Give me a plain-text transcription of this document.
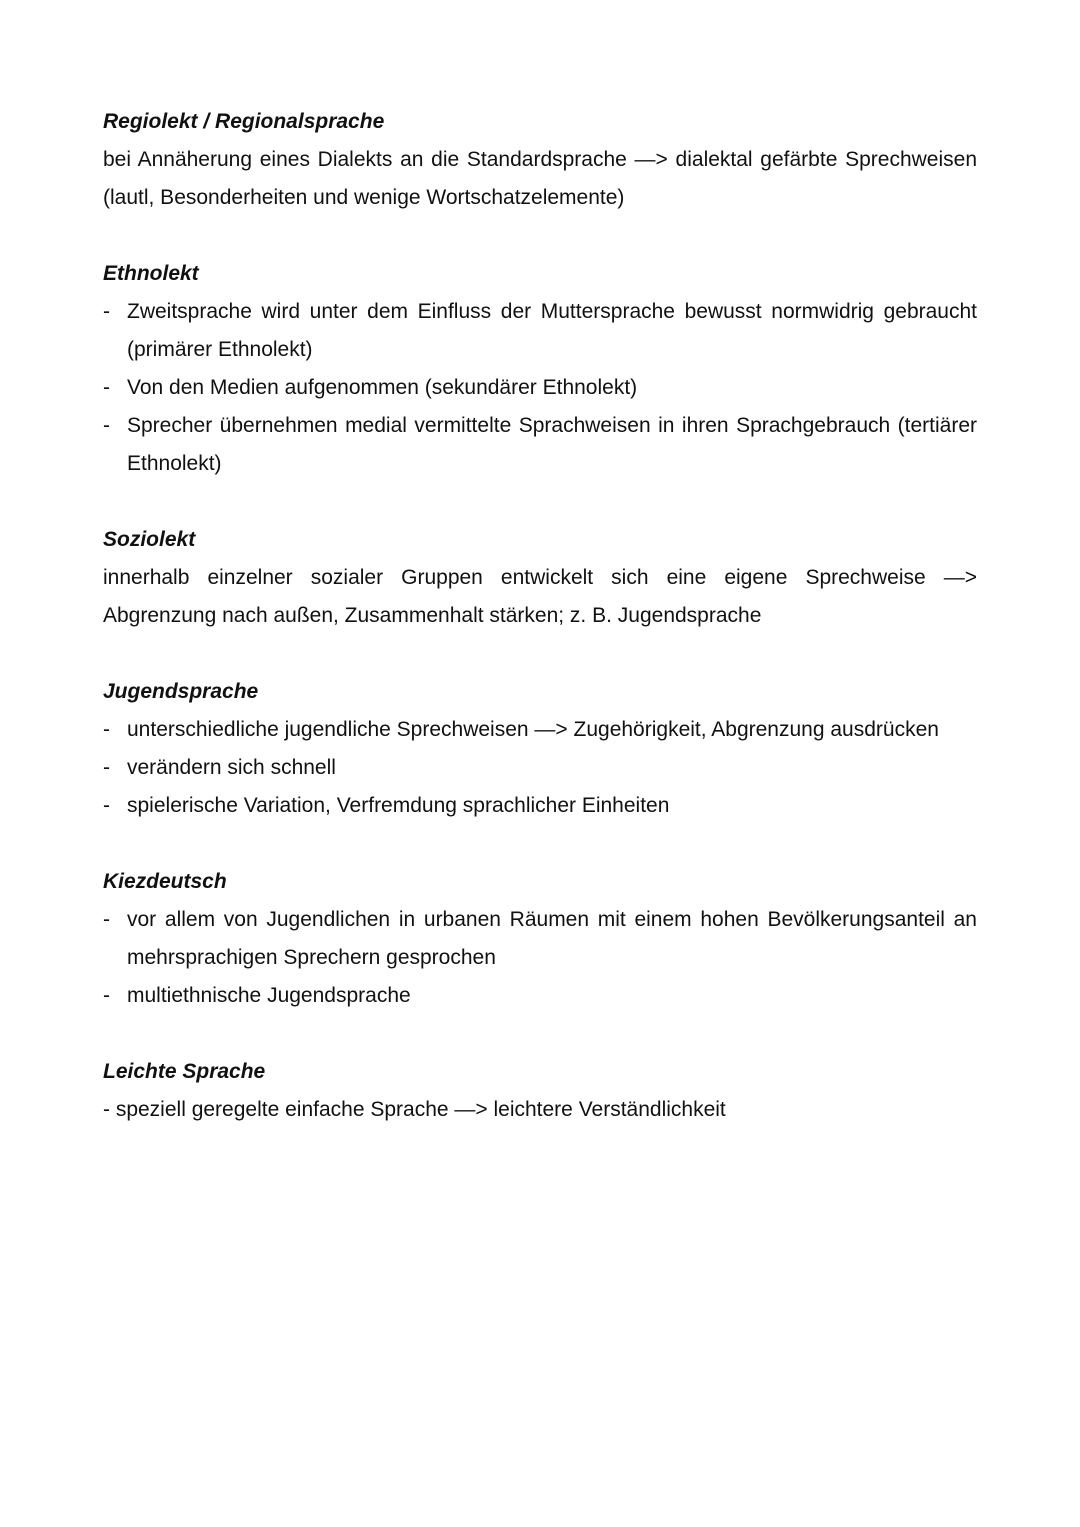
Regiolekt / Regionalsprache

bei Annäherung eines Dialekts an die Standardsprache —> dialektal gefärbte Sprechweisen (lautl, Besonderheiten und wenige Wortschatzelemente)

Ethnolekt

- Zweitsprache wird unter dem Einfluss der Muttersprache bewusst normwidrig gebraucht (primärer Ethnolekt)
- Von den Medien aufgenommen (sekundärer Ethnolekt)
- Sprecher übernehmen medial vermittelte Sprachweisen in ihren Sprachgebrauch (tertiärer Ethnolekt)

Soziolekt

innerhalb einzelner sozialer Gruppen entwickelt sich eine eigene Sprechweise —> Abgrenzung nach außen, Zusammenhalt stärken; z. B. Jugendsprache

Jugendsprache

- unterschiedliche jugendliche Sprechweisen —> Zugehörigkeit, Abgrenzung ausdrücken
- verändern sich schnell
- spielerische Variation, Verfremdung sprachlicher Einheiten

Kiezdeutsch

- vor allem von Jugendlichen in urbanen Räumen mit einem hohen Bevölkerungsanteil an mehrsprachigen Sprechern gesprochen
- multiethnische Jugendsprache

Leichte Sprache

- speziell geregelte einfache Sprache —> leichtere Verständlichkeit
